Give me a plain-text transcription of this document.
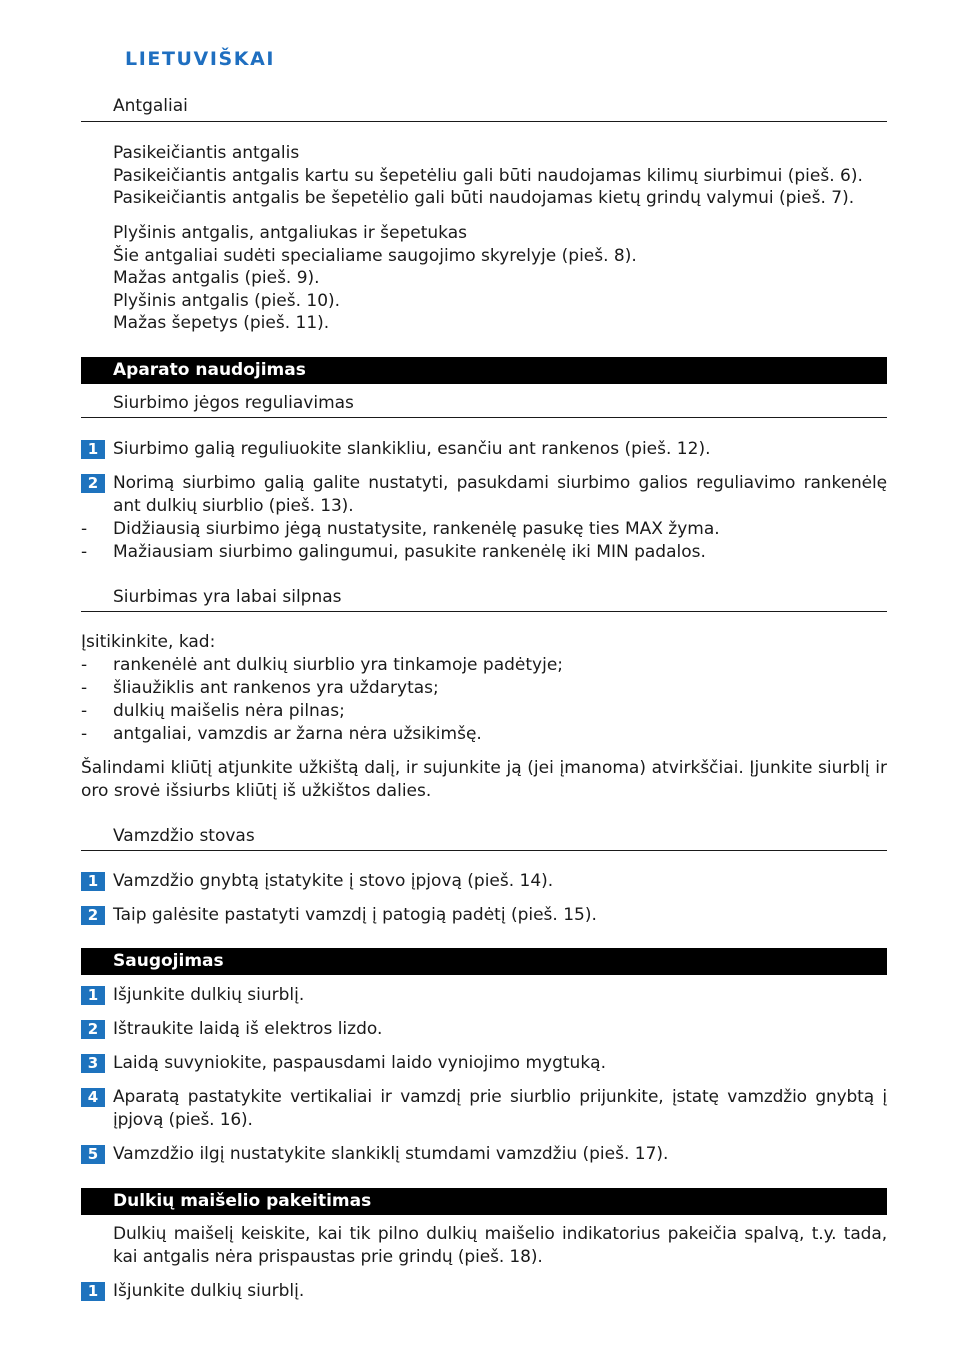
LIETUVIŠKAI
Antgaliai
Pasikeičiantis antgalis
Pasikeičiantis antgalis kartu su šepetėliu gali būti naudojamas kilimų siurbimui (pieš. 6).
Pasikeičiantis antgalis be šepetėlio gali būti naudojamas kietų grindų valymui (pieš. 7).
Plyšinis antgalis, antgaliukas ir šepetukas
Šie antgaliai sudėti specialiame saugojimo skyrelyje (pieš. 8).
Mažas antgalis (pieš. 9).
Plyšinis antgalis (pieš. 10).
Mažas šepetys (pieš. 11).
Aparato naudojimas
Siurbimo jėgos reguliavimas
1 Siurbimo galią reguliuokite slankikliu, esančiu ant rankenos (pieš. 12).
2 Norimą siurbimo galią galite nustatyti, pasukdami siurbimo galios reguliavimo rankenėlę ant dulkių siurblio (pieš. 13).
-	Didžiausią siurbimo jėgą nustatysite, rankenėlę pasukę ties MAX žyma.
-	Mažiausiam siurbimo galingumui, pasukite rankenėlę iki MIN padalos.
Siurbimas yra labai silpnas
Įsitikinkite, kad:
-	rankenėlė ant dulkių siurblio yra tinkamoje padėtyje;
-	šliaužiklis ant rankenos yra uždarytas;
-	dulkių maišelis nėra pilnas;
-	antgaliai, vamzdis ar žarna nėra užsikimšę.
Šalindami kliūtį atjunkite užkištą dalį, ir sujunkite ją (jei įmanoma) atvirkščiai. Įjunkite siurblį ir oro srovė išsiurbs kliūtį iš užkištos dalies.
Vamzdžio stovas
1 Vamzdžio gnybtą įstatykite į stovo įpjovą (pieš. 14).
2 Taip galėsite pastatyti vamzdį į patogią padėtį (pieš. 15).
Saugojimas
1 Išjunkite dulkių siurblį.
2 Ištraukite laidą iš elektros lizdo.
3 Laidą suvyniokite, paspausdami laido vyniojimo mygtuką.
4 Aparatą pastatykite vertikaliai ir vamzdį prie siurblio prijunkite, įstatę vamzdžio gnybtą į įpjovą (pieš. 16).
5 Vamzdžio ilgį nustatykite slankiklį stumdami vamzdžiu (pieš. 17).
Dulkių maišelio pakeitimas
Dulkių maišelį keiskite, kai tik pilno dulkių maišelio indikatorius pakeičia spalvą, t.y. tada, kai antgalis nėra prispaustas prie grindų (pieš. 18).
1 Išjunkite dulkių siurblį.
